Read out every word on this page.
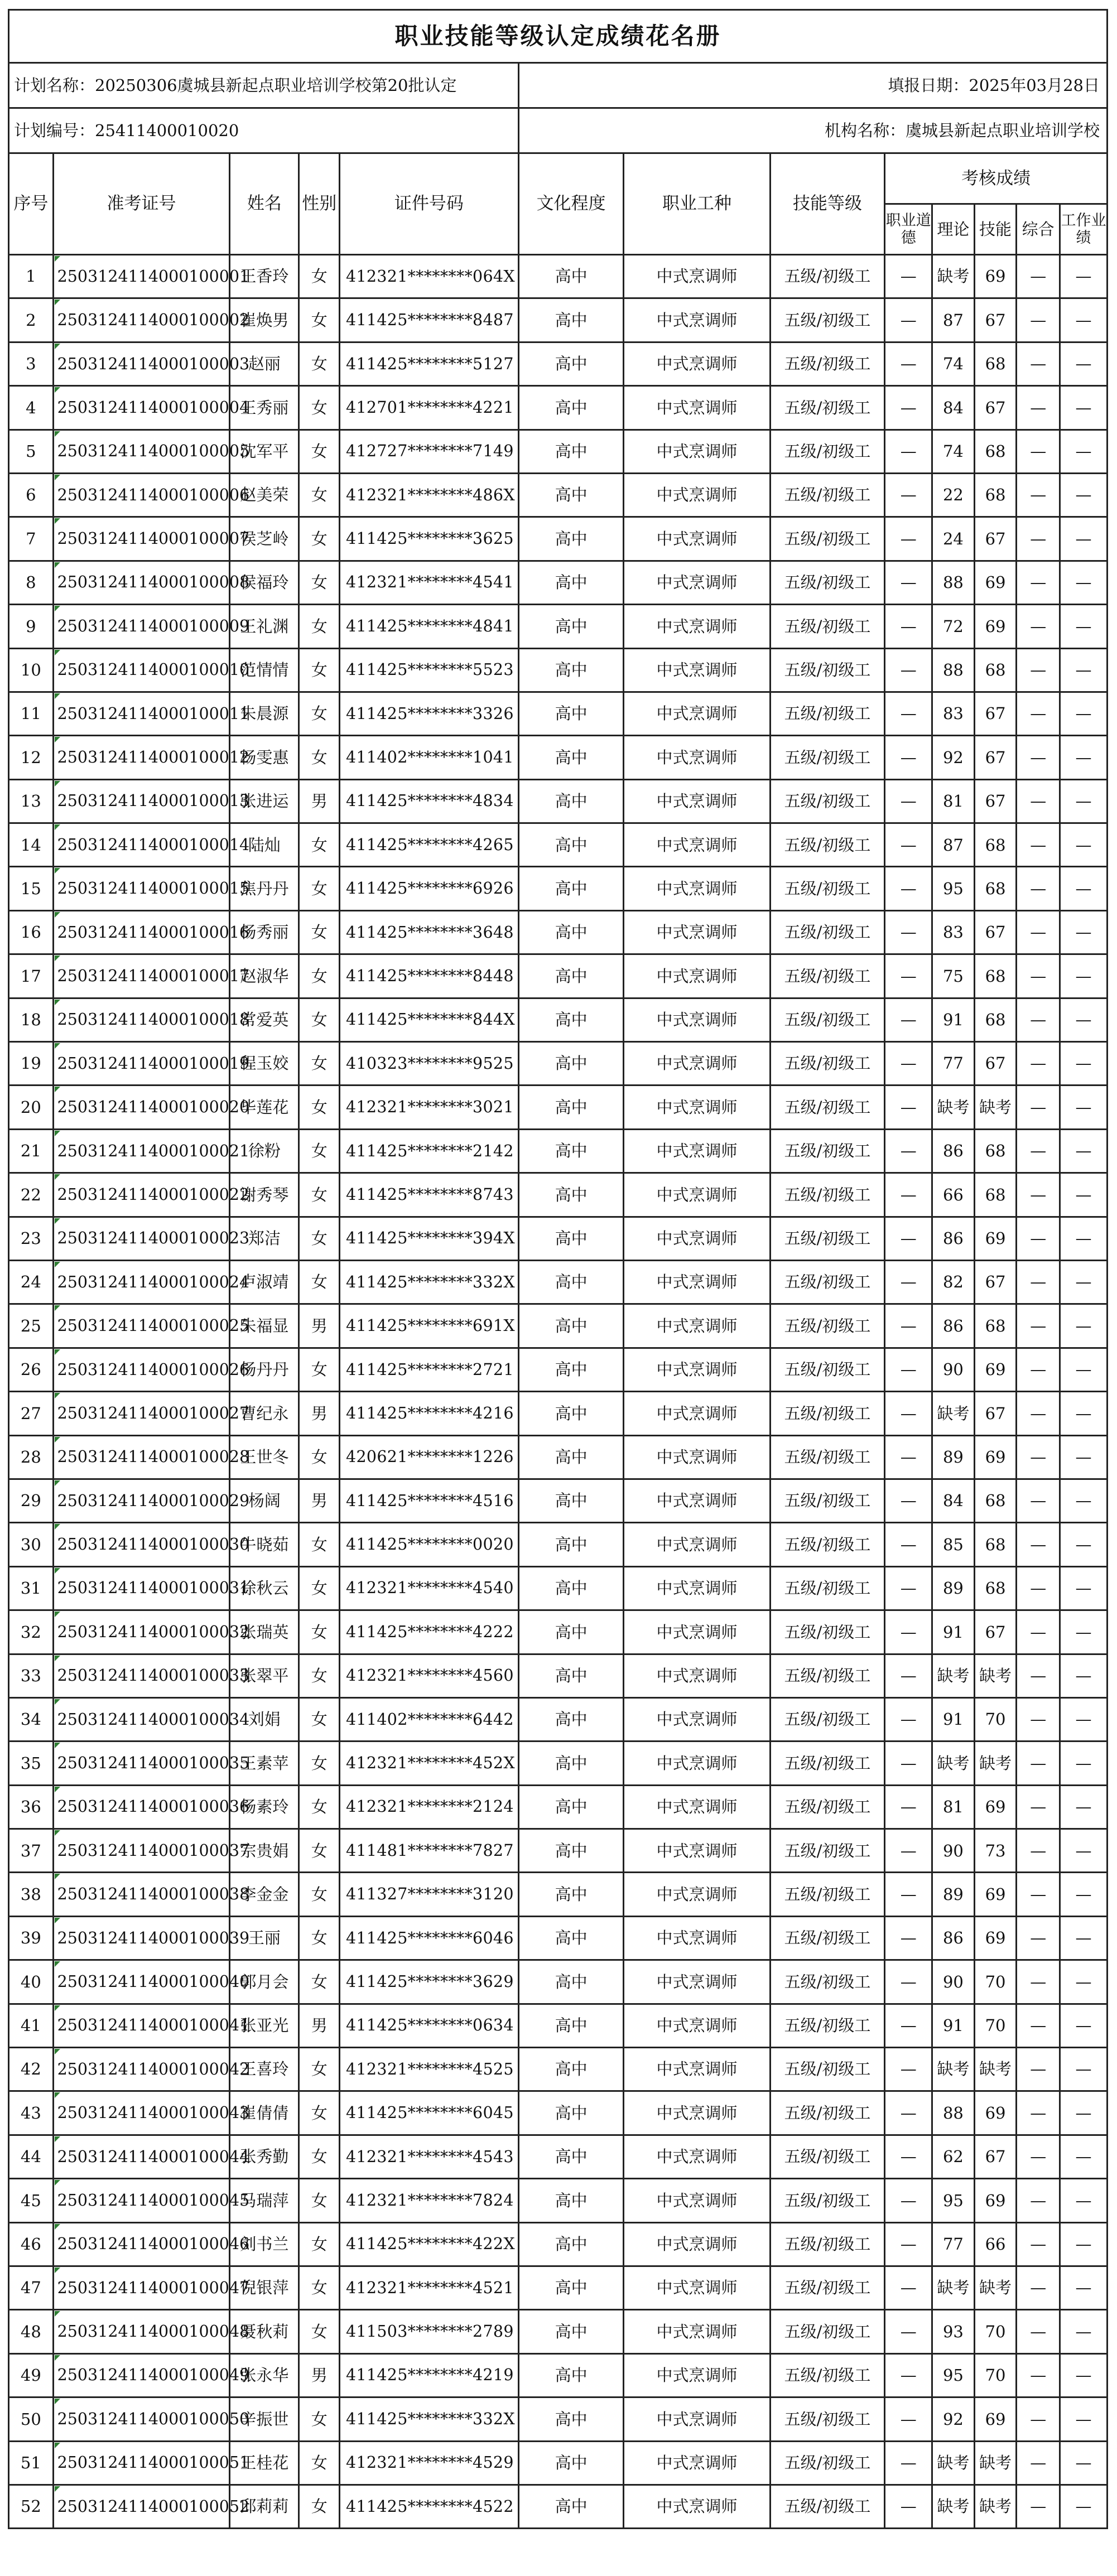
职业技能等级认定成绩花名册												
计划名称：20250306虞城县新起点职业培训学校第20批认定					填报日期：2025年03月28日							
计划编号：25411400010020					机构名称：虞城县新起点职业培训学校							
序号	准考证号	姓名	性别	证件号码	文化程度	职业工种	技能等级	考核成绩				
								职业道德	理论	技能	综合	工作业绩
1	2503124114000100001	王香玲	女	412321********064X	高中	中式烹调师	五级/初级工	—	缺考	69	—	—
2	2503124114000100002	崔焕男	女	411425********8487	高中	中式烹调师	五级/初级工	—	87	67	—	—
3	2503124114000100003	赵丽	女	411425********5127	高中	中式烹调师	五级/初级工	—	74	68	—	—
4	2503124114000100004	王秀丽	女	412701********4221	高中	中式烹调师	五级/初级工	—	84	67	—	—
5	2503124114000100005	沈军平	女	412727********7149	高中	中式烹调师	五级/初级工	—	74	68	—	—
6	2503124114000100006	赵美荣	女	412321********486X	高中	中式烹调师	五级/初级工	—	22	68	—	—
7	2503124114000100007	侯芝岭	女	411425********3625	高中	中式烹调师	五级/初级工	—	24	67	—	—
8	2503124114000100008	侯福玲	女	412321********4541	高中	中式烹调师	五级/初级工	—	88	69	—	—
9	2503124114000100009	王礼渊	女	411425********4841	高中	中式烹调师	五级/初级工	—	72	69	—	—
10	2503124114000100010	范情情	女	411425********5523	高中	中式烹调师	五级/初级工	—	88	68	—	—
11	2503124114000100011	朱晨源	女	411425********3326	高中	中式烹调师	五级/初级工	—	83	67	—	—
12	2503124114000100012	杨雯惠	女	411402********1041	高中	中式烹调师	五级/初级工	—	92	67	—	—
13	2503124114000100013	张进运	男	411425********4834	高中	中式烹调师	五级/初级工	—	81	67	—	—
14	2503124114000100014	陆灿	女	411425********4265	高中	中式烹调师	五级/初级工	—	87	68	—	—
15	2503124114000100015	焦丹丹	女	411425********6926	高中	中式烹调师	五级/初级工	—	95	68	—	—
16	2503124114000100016	杨秀丽	女	411425********3648	高中	中式烹调师	五级/初级工	—	83	67	—	—
17	2503124114000100017	赵淑华	女	411425********8448	高中	中式烹调师	五级/初级工	—	75	68	—	—
18	2503124114000100018	常爱英	女	411425********844X	高中	中式烹调师	五级/初级工	—	91	68	—	—
19	2503124114000100019	程玉姣	女	410323********9525	高中	中式烹调师	五级/初级工	—	77	67	—	—
20	2503124114000100020	毕莲花	女	412321********3021	高中	中式烹调师	五级/初级工	—	缺考	缺考	—	—
21	2503124114000100021	徐粉	女	411425********2142	高中	中式烹调师	五级/初级工	—	86	68	—	—
22	2503124114000100022	谢秀琴	女	411425********8743	高中	中式烹调师	五级/初级工	—	66	68	—	—
23	2503124114000100023	郑洁	女	411425********394X	高中	中式烹调师	五级/初级工	—	86	69	—	—
24	2503124114000100024	卢淑靖	女	411425********332X	高中	中式烹调师	五级/初级工	—	82	67	—	—
25	2503124114000100025	朱福显	男	411425********691X	高中	中式烹调师	五级/初级工	—	86	68	—	—
26	2503124114000100026	杨丹丹	女	411425********2721	高中	中式烹调师	五级/初级工	—	90	69	—	—
27	2503124114000100027	曹纪永	男	411425********4216	高中	中式烹调师	五级/初级工	—	缺考	67	—	—
28	2503124114000100028	王世冬	女	420621********1226	高中	中式烹调师	五级/初级工	—	89	69	—	—
29	2503124114000100029	杨阔	男	411425********4516	高中	中式烹调师	五级/初级工	—	84	68	—	—
30	2503124114000100030	牛晓茹	女	411425********0020	高中	中式烹调师	五级/初级工	—	85	68	—	—
31	2503124114000100031	徐秋云	女	412321********4540	高中	中式烹调师	五级/初级工	—	89	68	—	—
32	2503124114000100032	张瑞英	女	411425********4222	高中	中式烹调师	五级/初级工	—	91	67	—	—
33	2503124114000100033	张翠平	女	412321********4560	高中	中式烹调师	五级/初级工	—	缺考	缺考	—	—
34	2503124114000100034	刘娟	女	411402********6442	高中	中式烹调师	五级/初级工	—	91	70	—	—
35	2503124114000100035	王素苹	女	412321********452X	高中	中式烹调师	五级/初级工	—	缺考	缺考	—	—
36	2503124114000100036	杨素玲	女	412321********2124	高中	中式烹调师	五级/初级工	—	81	69	—	—
37	2503124114000100037	宗贵娟	女	411481********7827	高中	中式烹调师	五级/初级工	—	90	73	—	—
38	2503124114000100038	李金金	女	411327********3120	高中	中式烹调师	五级/初级工	—	89	69	—	—
39	2503124114000100039	王丽	女	411425********6046	高中	中式烹调师	五级/初级工	—	86	69	—	—
40	2503124114000100040	郭月会	女	411425********3629	高中	中式烹调师	五级/初级工	—	90	70	—	—
41	2503124114000100041	张亚光	男	411425********0634	高中	中式烹调师	五级/初级工	—	91	70	—	—
42	2503124114000100042	王喜玲	女	412321********4525	高中	中式烹调师	五级/初级工	—	缺考	缺考	—	—
43	2503124114000100043	崔倩倩	女	411425********6045	高中	中式烹调师	五级/初级工	—	88	69	—	—
44	2503124114000100044	张秀勤	女	412321********4543	高中	中式烹调师	五级/初级工	—	62	67	—	—
45	2503124114000100045	马瑞萍	女	412321********7824	高中	中式烹调师	五级/初级工	—	95	69	—	—
46	2503124114000100046	刘书兰	女	411425********422X	高中	中式烹调师	五级/初级工	—	77	66	—	—
47	2503124114000100047	倪银萍	女	412321********4521	高中	中式烹调师	五级/初级工	—	缺考	缺考	—	—
48	2503124114000100048	聂秋莉	女	411503********2789	高中	中式烹调师	五级/初级工	—	93	70	—	—
49	2503124114000100049	张永华	男	411425********4219	高中	中式烹调师	五级/初级工	—	95	70	—	—
50	2503124114000100050	辛振世	女	411425********332X	高中	中式烹调师	五级/初级工	—	92	69	—	—
51	2503124114000100051	王桂花	女	412321********4529	高中	中式烹调师	五级/初级工	—	缺考	缺考	—	—
52	2503124114000100052	邱莉莉	女	411425********4522	高中	中式烹调师	五级/初级工	—	缺考	缺考	—	—
